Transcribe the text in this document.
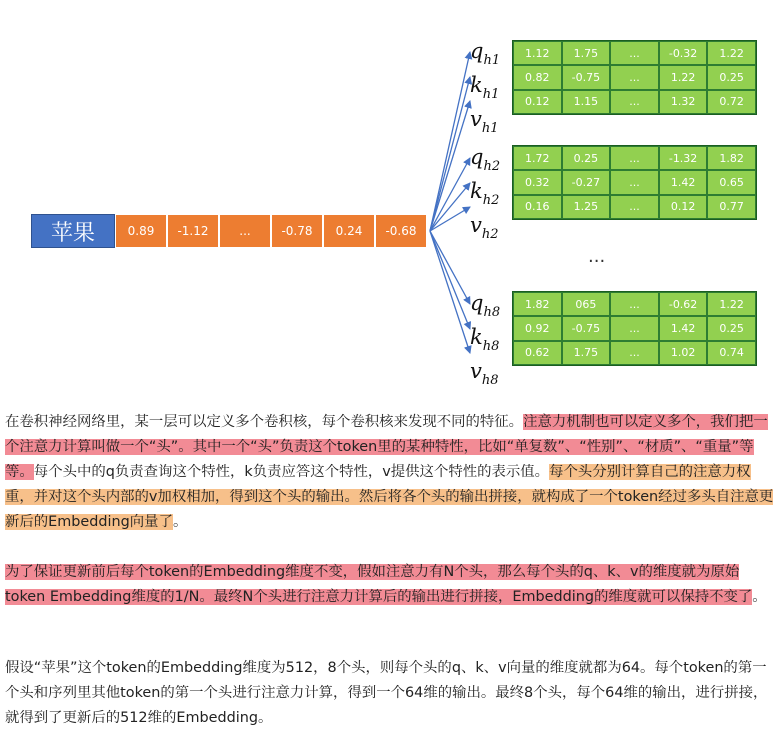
苹果	0.89	-1.12	...	-0.78	0.24	-0.68
$q_{h1}$
$k_{h1}$
$v_{h1}$
1.12	1.75	...	-0.32	1.22
0.82	-0.75	...	1.22	0.25
0.12	1.15	...	1.32	0.72
$q_{h2}$
$k_{h2}$
$v_{h2}$
1.72	0.25	...	-1.32	1.82
0.32	-0.27	...	1.42	0.65
0.16	1.25	...	0.12	0.77
...
$q_{h8}$
$k_{h8}$
$v_{h8}$
1.82	065	...	-0.62	1.22
0.92	-0.75	...	1.42	0.25
0.62	1.75	...	1.02	0.74
在卷积神经网络里，某一层可以定义多个卷积核，每个卷积核来发现不同的特征。注意力机制也可以定义多个，我们把一个注意力计算叫做一个“头”。其中一个“头”负责这个token里的某种特性，比如“单复数”、“性别”、“材质”、“重量”等等。每个头中的q负责查询这个特性，k负责应答这个特性，v提供这个特性的表示值。每个头分别计算自己的注意力权重，并对这个头内部的v加权相加，得到这个头的输出。然后将各个头的输出拼接，就构成了一个token经过多头自注意更新后的Embedding向量了。
为了保证更新前后每个token的Embedding维度不变，假如注意力有N个头，那么每个头的q、k、v的维度就为原始token Embedding维度的1/N。最终N个头进行注意力计算后的输出进行拼接，Embedding的维度就可以保持不变了。
假设“苹果”这个token的Embedding维度为512，8个头，则每个头的q、k、v向量的维度就都为64。每个token的第一个头和序列里其他token的第一个头进行注意力计算，得到一个64维的输出。最终8个头，每个64维的输出，进行拼接，就得到了更新后的512维的Embedding。
